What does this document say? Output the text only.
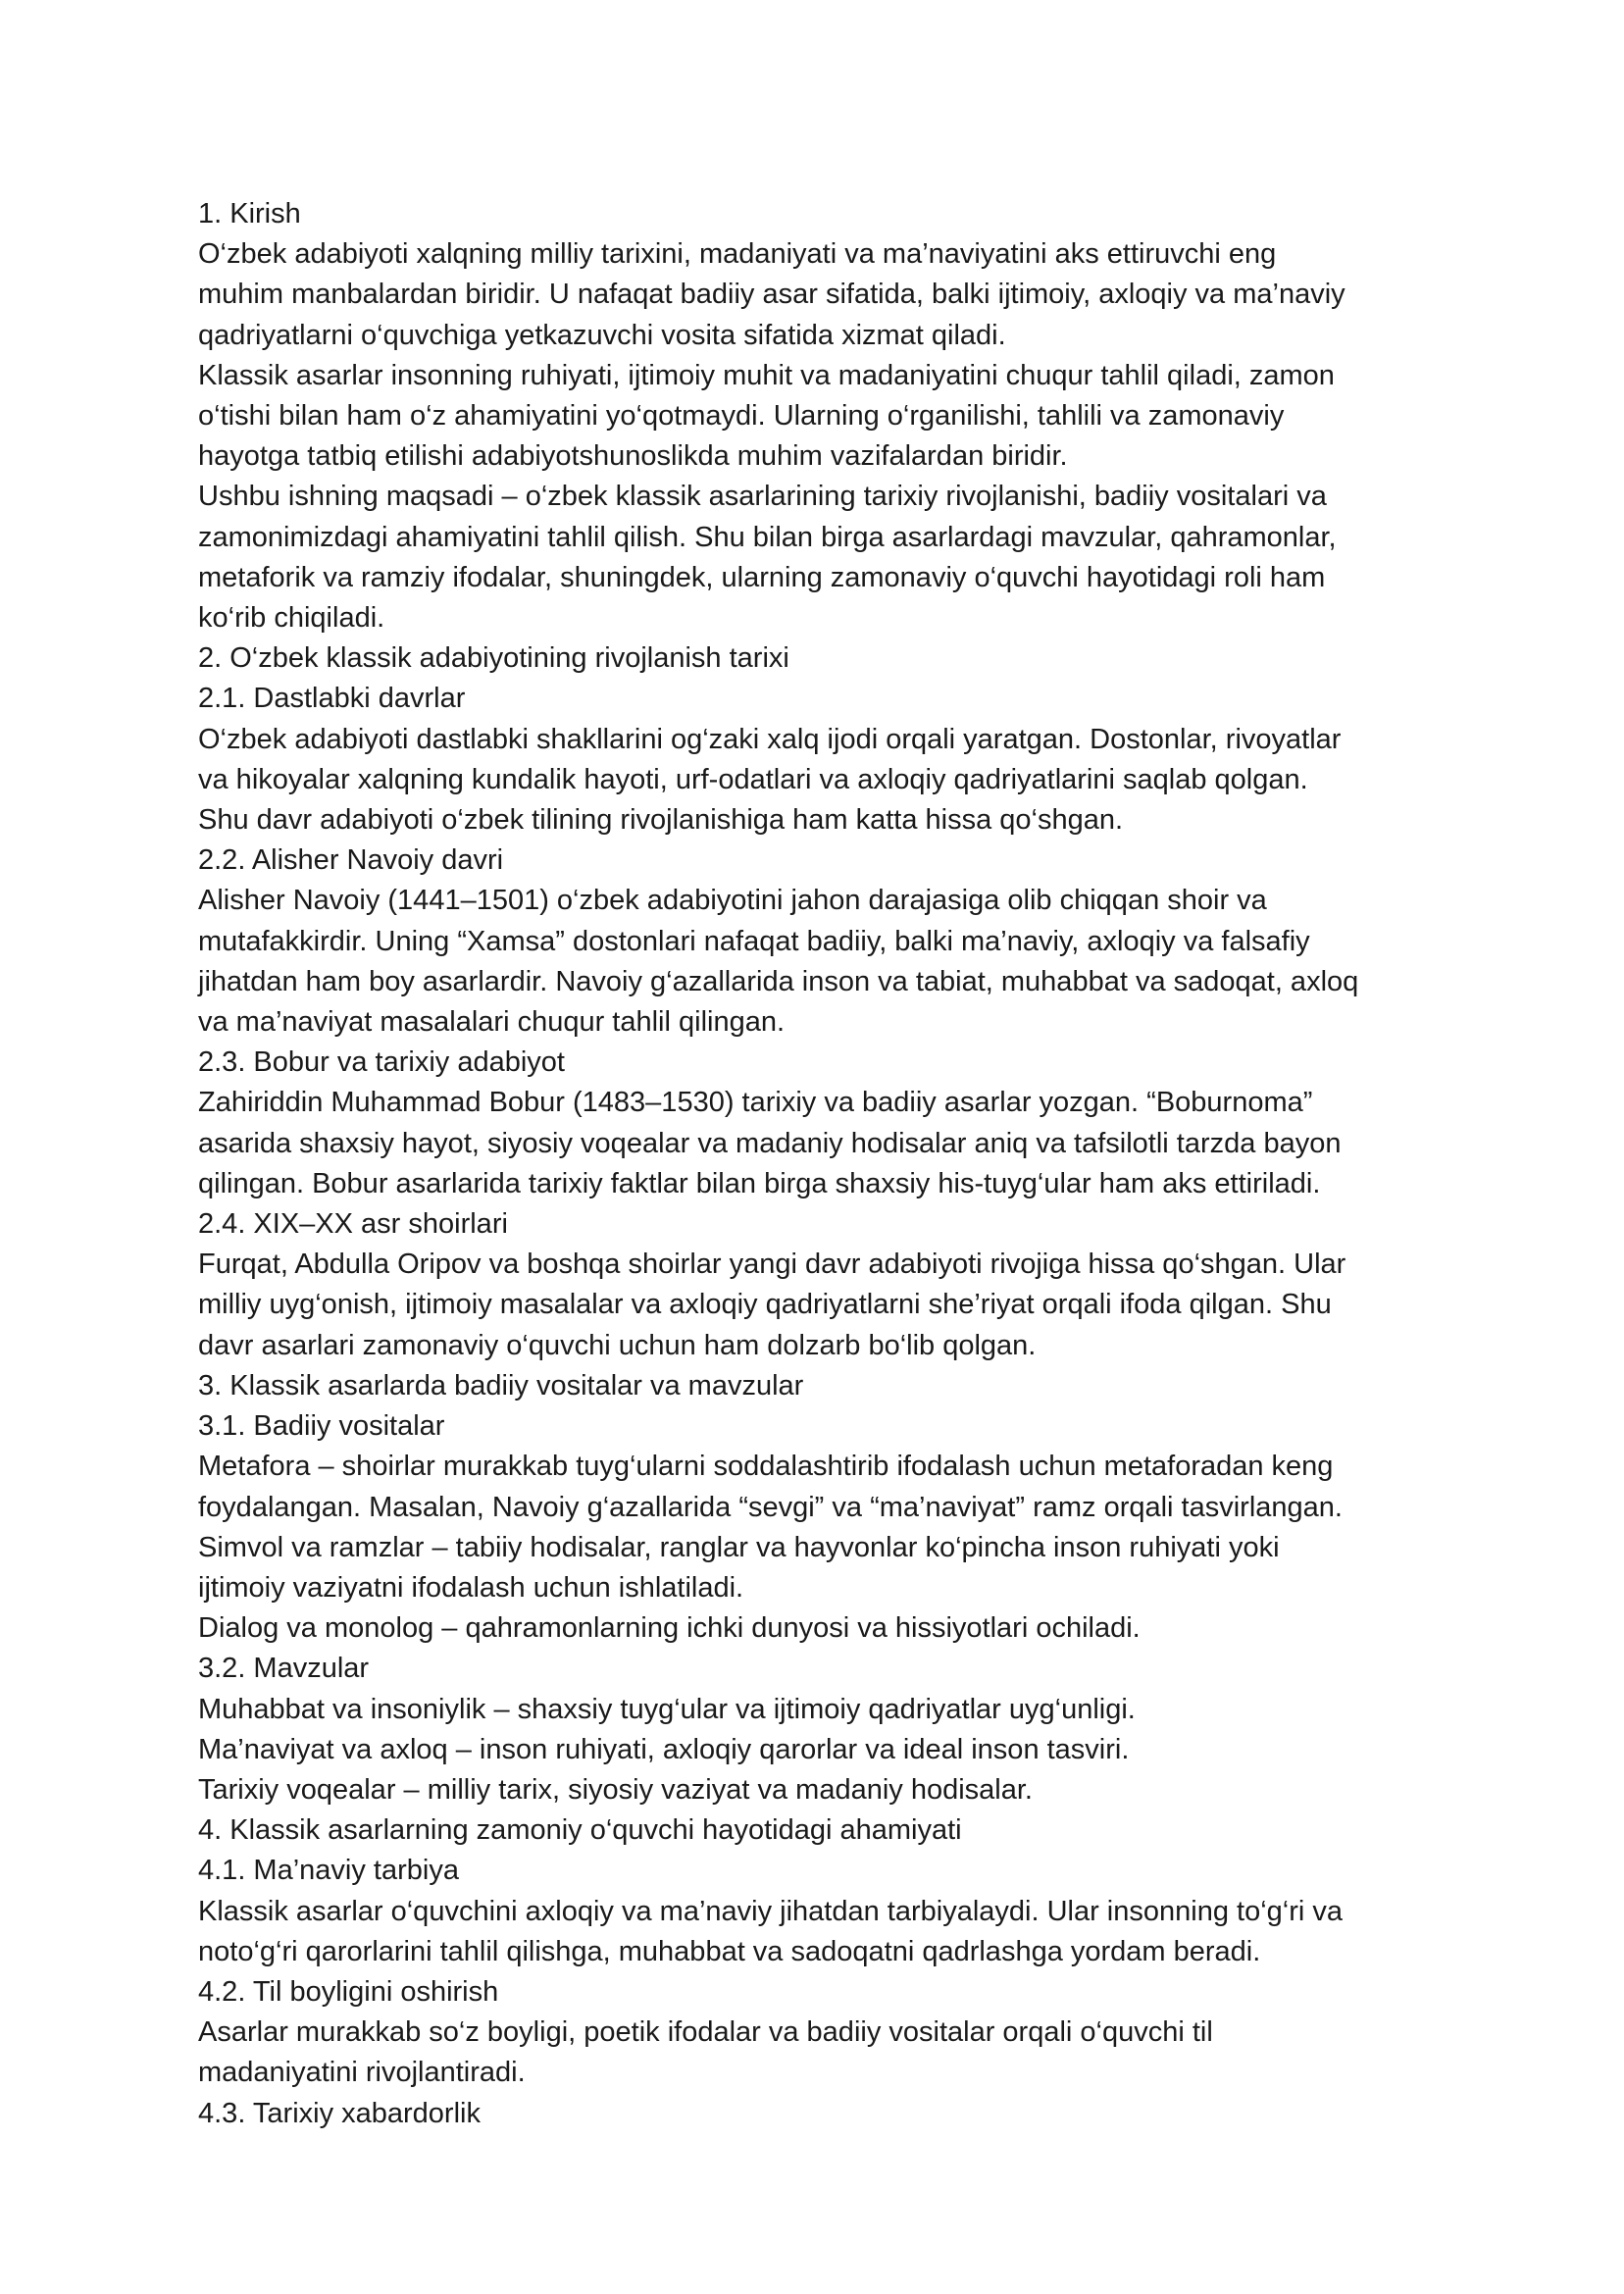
1. Kirish
O‘zbek adabiyoti xalqning milliy tarixini, madaniyati va ma’naviyatini aks ettiruvchi eng
muhim manbalardan biridir. U nafaqat badiiy asar sifatida, balki ijtimoiy, axloqiy va ma’naviy
qadriyatlarni o‘quvchiga yetkazuvchi vosita sifatida xizmat qiladi.
Klassik asarlar insonning ruhiyati, ijtimoiy muhit va madaniyatini chuqur tahlil qiladi, zamon
o‘tishi bilan ham o‘z ahamiyatini yo‘qotmaydi. Ularning o‘rganilishi, tahlili va zamonaviy
hayotga tatbiq etilishi adabiyotshunoslikda muhim vazifalardan biridir.
Ushbu ishning maqsadi – o‘zbek klassik asarlarining tarixiy rivojlanishi, badiiy vositalari va
zamonimizdagi ahamiyatini tahlil qilish. Shu bilan birga asarlardagi mavzular, qahramonlar,
metaforik va ramziy ifodalar, shuningdek, ularning zamonaviy o‘quvchi hayotidagi roli ham
ko‘rib chiqiladi.
2. O‘zbek klassik adabiyotining rivojlanish tarixi
2.1. Dastlabki davrlar
O‘zbek adabiyoti dastlabki shakllarini og‘zaki xalq ijodi orqali yaratgan. Dostonlar, rivoyatlar
va hikoyalar xalqning kundalik hayoti, urf-odatlari va axloqiy qadriyatlarini saqlab qolgan.
Shu davr adabiyoti o‘zbek tilining rivojlanishiga ham katta hissa qo‘shgan.
2.2. Alisher Navoiy davri
Alisher Navoiy (1441–1501) o‘zbek adabiyotini jahon darajasiga olib chiqqan shoir va
mutafakkirdir. Uning “Xamsa” dostonlari nafaqat badiiy, balki ma’naviy, axloqiy va falsafiy
jihatdan ham boy asarlardir. Navoiy g‘azallarida inson va tabiat, muhabbat va sadoqat, axloq
va ma’naviyat masalalari chuqur tahlil qilingan.
2.3. Bobur va tarixiy adabiyot
Zahiriddin Muhammad Bobur (1483–1530) tarixiy va badiiy asarlar yozgan. “Boburnoma”
asarida shaxsiy hayot, siyosiy voqealar va madaniy hodisalar aniq va tafsilotli tarzda bayon
qilingan. Bobur asarlarida tarixiy faktlar bilan birga shaxsiy his-tuyg‘ular ham aks ettiriladi.
2.4. XIX–XX asr shoirlari
Furqat, Abdulla Oripov va boshqa shoirlar yangi davr adabiyoti rivojiga hissa qo‘shgan. Ular
milliy uyg‘onish, ijtimoiy masalalar va axloqiy qadriyatlarni she’riyat orqali ifoda qilgan. Shu
davr asarlari zamonaviy o‘quvchi uchun ham dolzarb bo‘lib qolgan.
3. Klassik asarlarda badiiy vositalar va mavzular
3.1. Badiiy vositalar
Metafora – shoirlar murakkab tuyg‘ularni soddalashtirib ifodalash uchun metaforadan keng
foydalangan. Masalan, Navoiy g‘azallarida “sevgi” va “ma’naviyat” ramz orqali tasvirlangan.
Simvol va ramzlar – tabiiy hodisalar, ranglar va hayvonlar ko‘pincha inson ruhiyati yoki
ijtimoiy vaziyatni ifodalash uchun ishlatiladi.
Dialog va monolog – qahramonlarning ichki dunyosi va hissiyotlari ochiladi.
3.2. Mavzular
Muhabbat va insoniylik – shaxsiy tuyg‘ular va ijtimoiy qadriyatlar uyg‘unligi.
Ma’naviyat va axloq – inson ruhiyati, axloqiy qarorlar va ideal inson tasviri.
Tarixiy voqealar – milliy tarix, siyosiy vaziyat va madaniy hodisalar.
4. Klassik asarlarning zamoniy o‘quvchi hayotidagi ahamiyati
4.1. Ma’naviy tarbiya
Klassik asarlar o‘quvchini axloqiy va ma’naviy jihatdan tarbiyalaydi. Ular insonning to‘g‘ri va
noto‘g‘ri qarorlarini tahlil qilishga, muhabbat va sadoqatni qadrlashga yordam beradi.
4.2. Til boyligini oshirish
Asarlar murakkab so‘z boyligi, poetik ifodalar va badiiy vositalar orqali o‘quvchi til
madaniyatini rivojlantiradi.
4.3. Tarixiy xabardorlik
